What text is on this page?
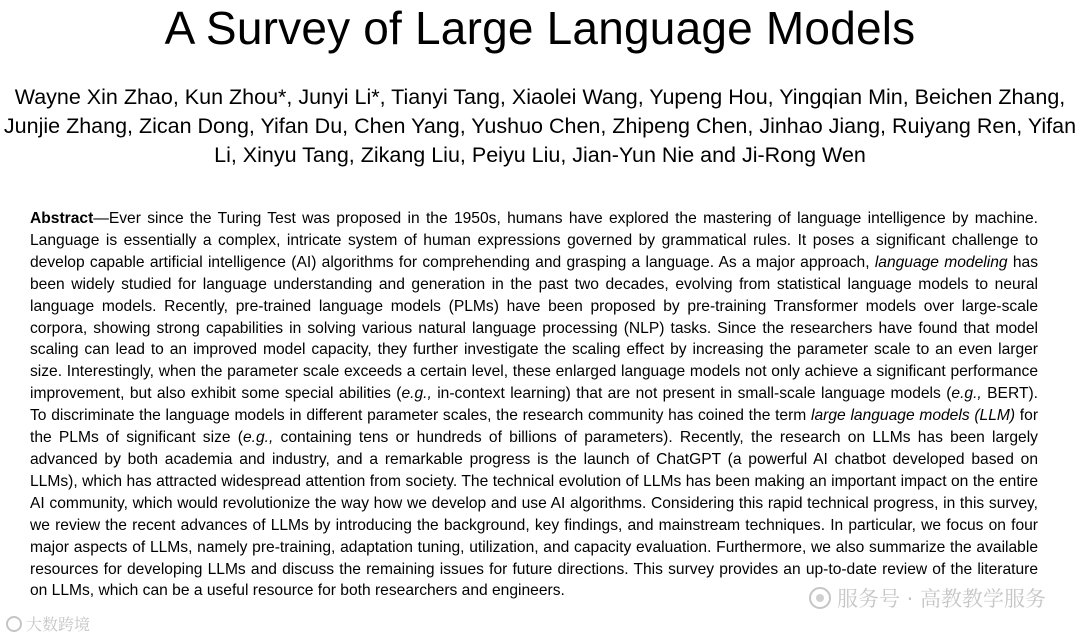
A Survey of Large Language Models

Wayne Xin Zhao, Kun Zhou*, Junyi Li*, Tianyi Tang, Xiaolei Wang, Yupeng Hou, Yingqian Min, Beichen Zhang, Junjie Zhang, Zican Dong, Yifan Du, Chen Yang, Yushuo Chen, Zhipeng Chen, Jinhao Jiang, Ruiyang Ren, Yifan Li, Xinyu Tang, Zikang Liu, Peiyu Liu, Jian-Yun Nie and Ji-Rong Wen

Abstract—Ever since the Turing Test was proposed in the 1950s, humans have explored the mastering of language intelligence by machine. Language is essentially a complex, intricate system of human expressions governed by grammatical rules. It poses a significant challenge to develop capable artificial intelligence (AI) algorithms for comprehending and grasping a language. As a major approach, language modeling has been widely studied for language understanding and generation in the past two decades, evolving from statistical language models to neural language models. Recently, pre-trained language models (PLMs) have been proposed by pre-training Transformer models over large-scale corpora, showing strong capabilities in solving various natural language processing (NLP) tasks. Since the researchers have found that model scaling can lead to an improved model capacity, they further investigate the scaling effect by increasing the parameter scale to an even larger size. Interestingly, when the parameter scale exceeds a certain level, these enlarged language models not only achieve a significant performance improvement, but also exhibit some special abilities (e.g., in-context learning) that are not present in small-scale language models (e.g., BERT). To discriminate the language models in different parameter scales, the research community has coined the term large language models (LLM) for the PLMs of significant size (e.g., containing tens or hundreds of billions of parameters). Recently, the research on LLMs has been largely advanced by both academia and industry, and a remarkable progress is the launch of ChatGPT (a powerful AI chatbot developed based on LLMs), which has attracted widespread attention from society. The technical evolution of LLMs has been making an important impact on the entire AI community, which would revolutionize the way how we develop and use AI algorithms. Considering this rapid technical progress, in this survey, we review the recent advances of LLMs by introducing the background, key findings, and mainstream techniques. In particular, we focus on four major aspects of LLMs, namely pre-training, adaptation tuning, utilization, and capacity evaluation. Furthermore, we also summarize the available resources for developing LLMs and discuss the remaining issues for future directions. This survey provides an up-to-date review of the literature on LLMs, which can be a useful resource for both researchers and engineers.	服务号 · 高教教学服务
大数跨境
